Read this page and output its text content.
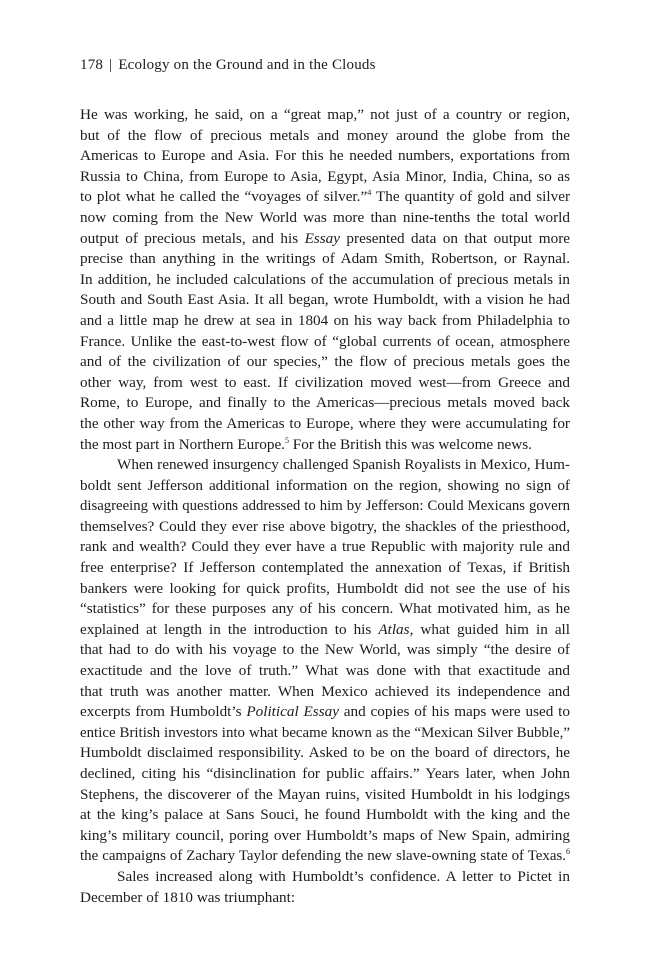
178 | Ecology on the Ground and in the Clouds
He was working, he said, on a “great map,” not just of a country or region,
but of the flow of precious metals and money around the globe from the
Americas to Europe and Asia. For this he needed numbers, exportations from
Russia to China, from Europe to Asia, Egypt, Asia Minor, India, China, so as
to plot what he called the “voyages of silver.”$^4$ The quantity of gold and silver
now coming from the New World was more than nine-tenths the total world
output of precious metals, and his Essay presented data on that output more
precise than anything in the writings of Adam Smith, Robertson, or Raynal.
In addition, he included calculations of the accumulation of precious metals in
South and South East Asia. It all began, wrote Humboldt, with a vision he had
and a little map he drew at sea in 1804 on his way back from Philadelphia to
France. Unlike the east-to-west flow of “global currents of ocean, atmosphere
and of the civilization of our species,” the flow of precious metals goes the
other way, from west to east. If civilization moved west—from Greece and
Rome, to Europe, and finally to the Americas—precious metals moved back
the other way from the Americas to Europe, where they were accumulating for
the most part in Northern Europe.$^5$ For the British this was welcome news.
When renewed insurgency challenged Spanish Royalists in Mexico, Hum-
boldt sent Jefferson additional information on the region, showing no sign of
disagreeing with questions addressed to him by Jefferson: Could Mexicans govern
themselves? Could they ever rise above bigotry, the shackles of the priesthood,
rank and wealth? Could they ever have a true Republic with majority rule and
free enterprise? If Jefferson contemplated the annexation of Texas, if British
bankers were looking for quick profits, Humboldt did not see the use of his
“statistics” for these purposes any of his concern. What motivated him, as he
explained at length in the introduction to his Atlas, what guided him in all
that had to do with his voyage to the New World, was simply “the desire of
exactitude and the love of truth.” What was done with that exactitude and
that truth was another matter. When Mexico achieved its independence and
excerpts from Humboldt’s Political Essay and copies of his maps were used to
entice British investors into what became known as the “Mexican Silver Bubble,”
Humboldt disclaimed responsibility. Asked to be on the board of directors, he
declined, citing his “disinclination for public affairs.” Years later, when John
Stephens, the discoverer of the Mayan ruins, visited Humboldt in his lodgings
at the king’s palace at Sans Souci, he found Humboldt with the king and the
king’s military council, poring over Humboldt’s maps of New Spain, admiring
the campaigns of Zachary Taylor defending the new slave-owning state of Texas.$^6$
Sales increased along with Humboldt’s confidence. A letter to Pictet in
December of 1810 was triumphant:
